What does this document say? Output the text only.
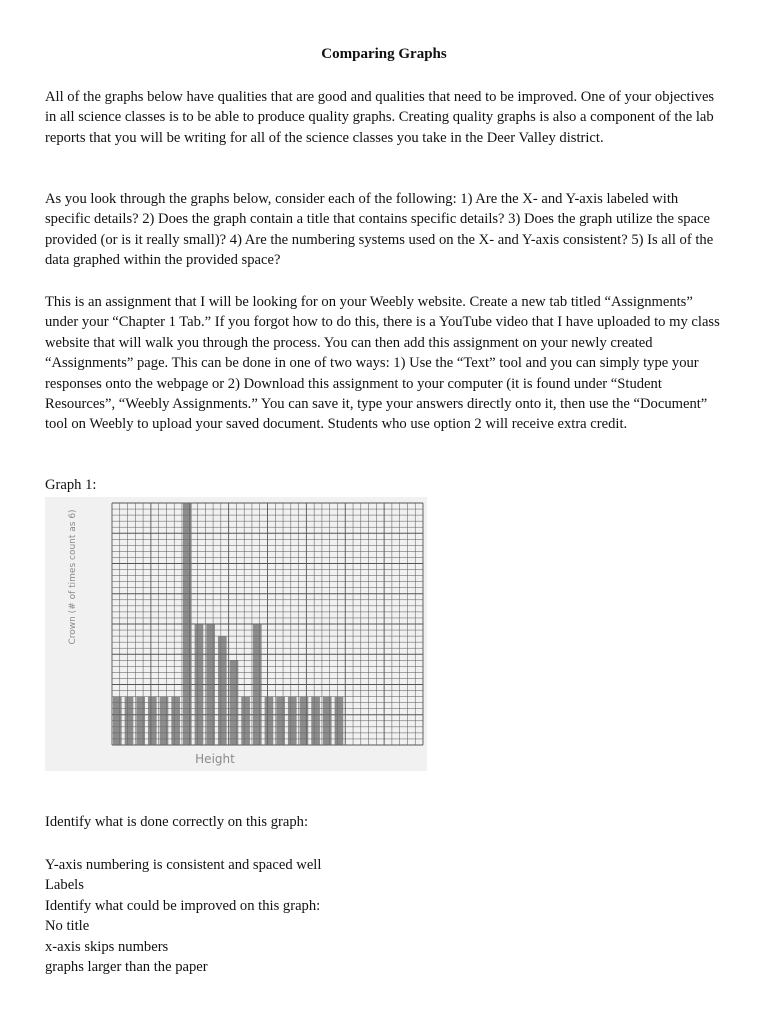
Comparing Graphs

All of the graphs below have qualities that are good and qualities that need to be improved. One of your objectives in all science classes is to be able to produce quality graphs. Creating quality graphs is also a component of the lab reports that you will be writing for all of the science classes you take in the Deer Valley district.

As you look through the graphs below, consider each of the following: 1) Are the X- and Y-axis labeled with specific details? 2) Does the graph contain a title that contains specific details? 3) Does the graph utilize the space provided (or is it really small)? 4) Are the numbering systems used on the X- and Y-axis consistent? 5) Is all of the data graphed within the provided space?

This is an assignment that I will be looking for on your Weebly website. Create a new tab titled “Assignments” under your “Chapter 1 Tab.” If you forgot how to do this, there is a YouTube video that I have uploaded to my class website that will walk you through the process. You can then add this assignment on your newly created “Assignments” page. This can be done in one of two ways: 1) Use the “Text” tool and you can simply type your responses onto the webpage or 2) Download this assignment to your computer (it is found under “Student Resources”, “Weebly Assignments.” You can save it, type your answers directly onto it, then use the “Document” tool on Weebly to upload your saved document. Students who use option 2 will receive extra credit.

Graph 1:

Crown (# of times count as 6)
Height

Identify what is done correctly on this graph:

Y-axis numbering is consistent and spaced well
Labels
Identify what could be improved on this graph:
No title
x-axis skips numbers
graphs larger than the paper
